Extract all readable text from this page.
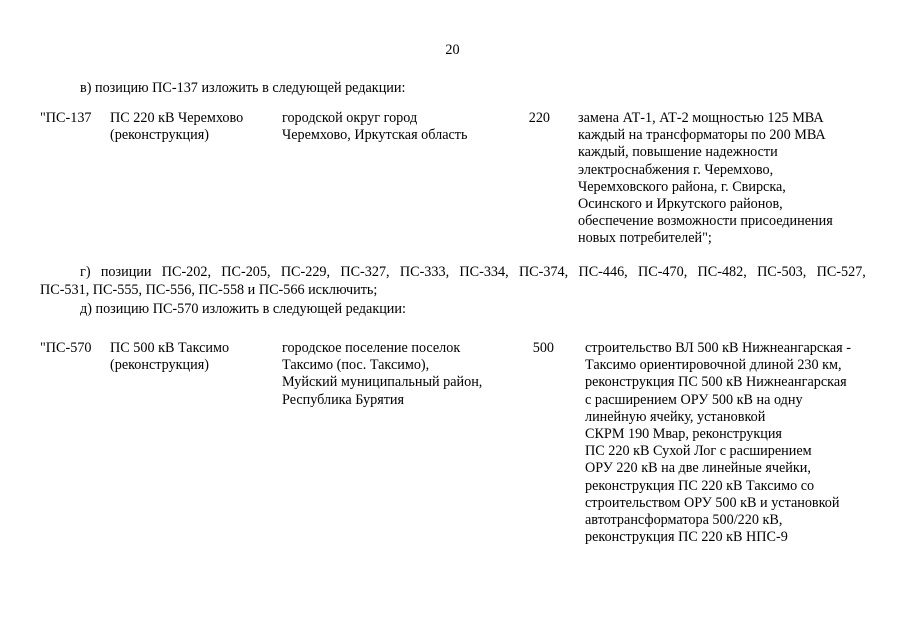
20
в) позицию ПС-137 изложить в следующей редакции:
"ПС-137 ПС 220 кВ Черемхово
(реконструкция)
городской округ город
Черемхово, Иркутская область
220 замена АТ-1, АТ-2 мощностью 125 МВА
каждый на трансформаторы по 200 МВА
каждый, повышение надежности
электроснабжения г. Черемхово,
Черемховского района, г. Свирска,
Осинского и Иркутского районов,
обеспечение возможности присоединения
новых потребителей";
г) позиции ПС-202, ПС-205, ПС-229, ПС-327, ПС-333, ПС-334, ПС-374, ПС-446, ПС-470, ПС-482, ПС-503, ПС-527,
ПС-531, ПС-555, ПС-556, ПС-558 и ПС-566 исключить;
д) позицию ПС-570 изложить в следующей редакции:
"ПС-570 ПС 500 кВ Таксимо
(реконструкция)
городское поселение поселок
Таксимо (пос. Таксимо),
Муйский муниципальный район,
Республика Бурятия
500 строительство ВЛ 500 кВ Нижнеангарская -
Таксимо ориентировочной длиной 230 км,
реконструкция ПС 500 кВ Нижнеангарская
с расширением ОРУ 500 кВ на одну
линейную ячейку, установкой
СКРМ 190 Мвар, реконструкция
ПС 220 кВ Сухой Лог с расширением
ОРУ 220 кВ на две линейные ячейки,
реконструкция ПС 220 кВ Таксимо со
строительством ОРУ 500 кВ и установкой
автотрансформатора 500/220 кВ,
реконструкция ПС 220 кВ НПС-9
